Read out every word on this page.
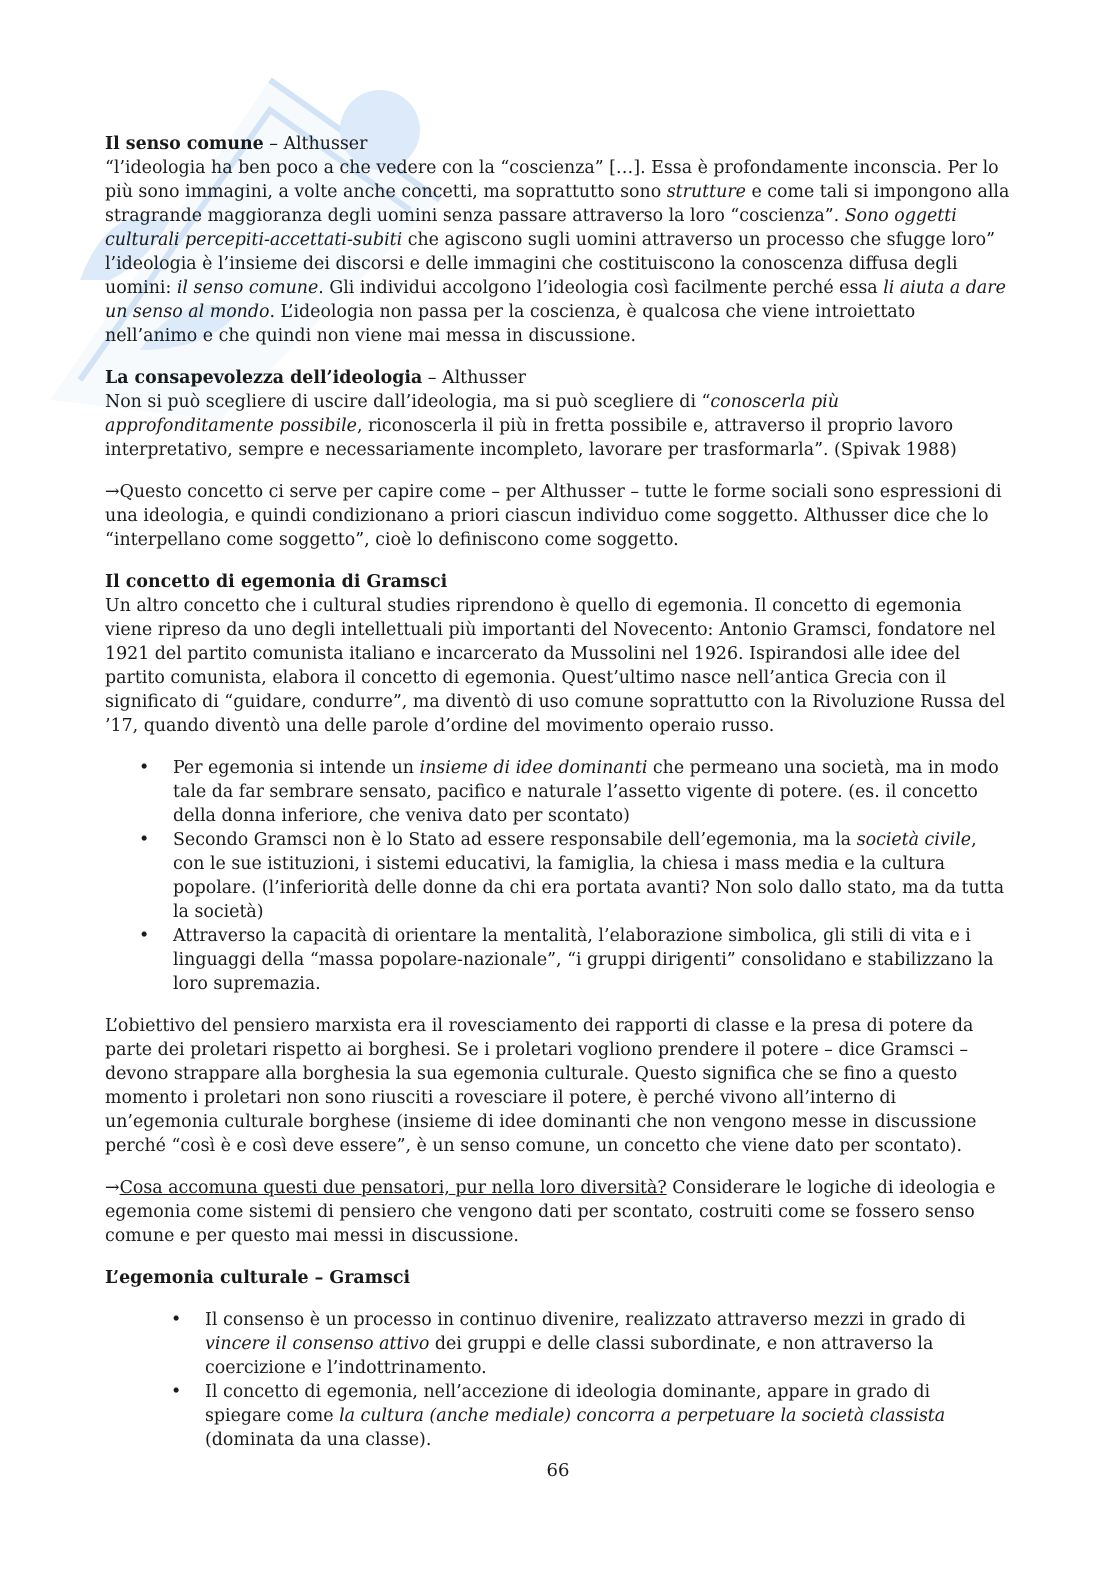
Il senso comune – Althusser

“l’ideologia ha ben poco a che vedere con la “coscienza” […]. Essa è profondamente inconscia. Per lo più sono immagini, a volte anche concetti, ma soprattutto sono strutture e come tali si impongono alla stragrande maggioranza degli uomini senza passare attraverso la loro “coscienza”. Sono oggetti culturali percepiti-accettati-subiti che agiscono sugli uomini attraverso un processo che sfugge loro” l’ideologia è l’insieme dei discorsi e delle immagini che costituiscono la conoscenza diffusa degli uomini: il senso comune. Gli individui accolgono l’ideologia così facilmente perché essa li aiuta a dare un senso al mondo. L’ideologia non passa per la coscienza, è qualcosa che viene introiettato nell’animo e che quindi non viene mai messa in discussione.

La consapevolezza dell’ideologia – Althusser

Non si può scegliere di uscire dall’ideologia, ma si può scegliere di “conoscerla più approfonditamente possibile, riconoscerla il più in fretta possibile e, attraverso il proprio lavoro interpretativo, sempre e necessariamente incompleto, lavorare per trasformarla”. (Spivak 1988)

→Questo concetto ci serve per capire come – per Althusser – tutte le forme sociali sono espressioni di una ideologia, e quindi condizionano a priori ciascun individuo come soggetto. Althusser dice che lo “interpellano come soggetto”, cioè lo definiscono come soggetto.

Il concetto di egemonia di Gramsci

Un altro concetto che i cultural studies riprendono è quello di egemonia. Il concetto di egemonia viene ripreso da uno degli intellettuali più importanti del Novecento: Antonio Gramsci, fondatore nel 1921 del partito comunista italiano e incarcerato da Mussolini nel 1926. Ispirandosi alle idee del partito comunista, elabora il concetto di egemonia. Quest’ultimo nasce nell’antica Grecia con il significato di “guidare, condurre”, ma diventò di uso comune soprattutto con la Rivoluzione Russa del ’17, quando diventò una delle parole d’ordine del movimento operaio russo.

• Per egemonia si intende un insieme di idee dominanti che permeano una società, ma in modo tale da far sembrare sensato, pacifico e naturale l’assetto vigente di potere. (es. il concetto della donna inferiore, che veniva dato per scontato)
• Secondo Gramsci non è lo Stato ad essere responsabile dell’egemonia, ma la società civile, con le sue istituzioni, i sistemi educativi, la famiglia, la chiesa i mass media e la cultura popolare. (l’inferiorità delle donne da chi era portata avanti? Non solo dallo stato, ma da tutta la società)
• Attraverso la capacità di orientare la mentalità, l’elaborazione simbolica, gli stili di vita e i linguaggi della “massa popolare-nazionale”, “i gruppi dirigenti” consolidano e stabilizzano la loro supremazia.

L’obiettivo del pensiero marxista era il rovesciamento dei rapporti di classe e la presa di potere da parte dei proletari rispetto ai borghesi. Se i proletari vogliono prendere il potere – dice Gramsci – devono strappare alla borghesia la sua egemonia culturale. Questo significa che se fino a questo momento i proletari non sono riusciti a rovesciare il potere, è perché vivono all’interno di un’egemonia culturale borghese (insieme di idee dominanti che non vengono messe in discussione perché “così è e così deve essere”, è un senso comune, un concetto che viene dato per scontato).

→Cosa accomuna questi due pensatori, pur nella loro diversità? Considerare le logiche di ideologia e egemonia come sistemi di pensiero che vengono dati per scontato, costruiti come se fossero senso comune e per questo mai messi in discussione.

L’egemonia culturale – Gramsci

• Il consenso è un processo in continuo divenire, realizzato attraverso mezzi in grado di vincere il consenso attivo dei gruppi e delle classi subordinate, e non attraverso la coercizione e l’indottrinamento.
• Il concetto di egemonia, nell’accezione di ideologia dominante, appare in grado di spiegare come la cultura (anche mediale) concorra a perpetuare la società classista (dominata da una classe).
66
